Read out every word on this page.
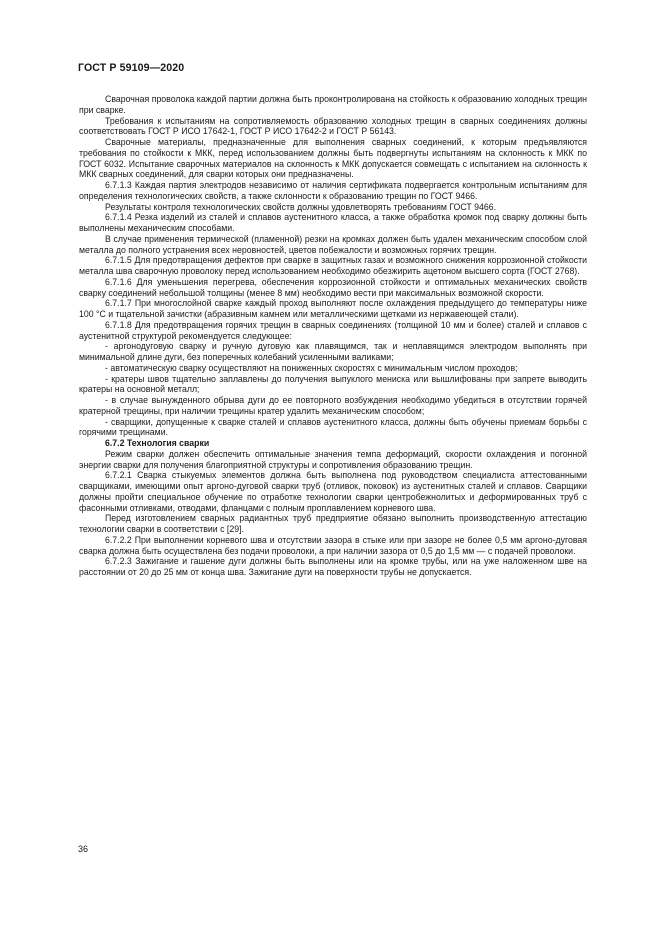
ГОСТ Р 59109—2020

Сварочная проволока каждой партии должна быть проконтролирована на стойкость к образованию холодных трещин при сварке.

Требования к испытаниям на сопротивляемость образованию холодных трещин в сварных соединениях должны соответствовать ГОСТ Р ИСО 17642-1, ГОСТ Р ИСО 17642-2 и ГОСТ Р 56143.

Сварочные материалы, предназначенные для выполнения сварных соединений, к которым предъявляются требования по стойкости к МКК, перед использованием должны быть подвергнуты испытаниям на склонность к МКК по ГОСТ 6032. Испытание сварочных материалов на склонность к МКК допускается совмещать с испытанием на склонность к МКК сварных соединений, для сварки которых они предназначены.

6.7.1.3 Каждая партия электродов независимо от наличия сертификата подвергается контрольным испытаниям для определения технологических свойств, а также склонности к образованию трещин по ГОСТ 9466.

Результаты контроля технологических свойств должны удовлетворять требованиям ГОСТ 9466.

6.7.1.4 Резка изделий из сталей и сплавов аустенитного класса, а также обработка кромок под сварку должны быть выполнены механическим способами.

В случае применения термической (пламенной) резки на кромках должен быть удален механическим способом слой металла до полного устранения всех неровностей, цветов побежалости и возможных горячих трещин.

6.7.1.5 Для предотвращения дефектов при сварке в защитных газах и возможного снижения коррозионной стойкости металла шва сварочную проволоку перед использованием необходимо обезжирить ацетоном высшего сорта (ГОСТ 2768).

6.7.1.6 Для уменьшения перегрева, обеспечения коррозионной стойкости и оптимальных механических свойств сварку соединений небольшой толщины (менее 8 мм) необходимо вести при максимальных возможной скорости.

6.7.1.7 При многослойной сварке каждый проход выполняют после охлаждения предыдущего до температуры ниже 100 °С и тщательной зачистки (абразивным камнем или металлическими щетками из нержавеющей стали).

6.7.1.8 Для предотвращения горячих трещин в сварных соединениях (толщиной 10 мм и более) сталей и сплавов с аустенитной структурой рекомендуется следующее:

- аргонодуговую сварку и ручную дуговую как плавящимся, так и неплавящимся электродом выполнять при минимальной длине дуги, без поперечных колебаний усиленными валиками;

- автоматическую сварку осуществляют на пониженных скоростях с минимальным числом проходов;

- кратеры швов тщательно заплавлены до получения выпуклого мениска или вышлифованы при запрете выводить кратеры на основной металл;

- в случае вынужденного обрыва дуги до ее повторного возбуждения необходимо убедиться в отсутствии горячей кратерной трещины, при наличии трещины кратер удалить механическим способом;

- сварщики, допущенные к сварке сталей и сплавов аустенитного класса, должны быть обучены приемам борьбы с горячими трещинами.

6.7.2 Технология сварки

Режим сварки должен обеспечить оптимальные значения темпа деформаций, скорости охлаждения и погонной энергии сварки для получения благоприятной структуры и сопротивления образованию трещин.

6.7.2.1 Сварка стыкуемых элементов должна быть выполнена под руководством специалиста аттестованными сварщиками, имеющими опыт аргоно-дуговой сварки труб (отливок, поковок) из аустенитных сталей и сплавов. Сварщики должны пройти специальное обучение по отработке технологии сварки центробежнолитых и деформированных труб с фасонными отливками, отводами, фланцами с полным проплавлением корневого шва.

Перед изготовлением сварных радиантных труб предприятие обязано выполнить производственную аттестацию технологии сварки в соответствии с [29].

6.7.2.2 При выполнении корневого шва и отсутствии зазора в стыке или при зазоре не более 0,5 мм аргоно-дуговая сварка должна быть осуществлена без подачи проволоки, а при наличии зазора от 0,5 до 1,5 мм — с подачей проволоки.

6.7.2.3 Зажигание и гашение дуги должны быть выполнены или на кромке трубы, или на уже наложенном шве на расстоянии от 20 до 25 мм от конца шва. Зажигание дуги на поверхности трубы не допускается.

36
